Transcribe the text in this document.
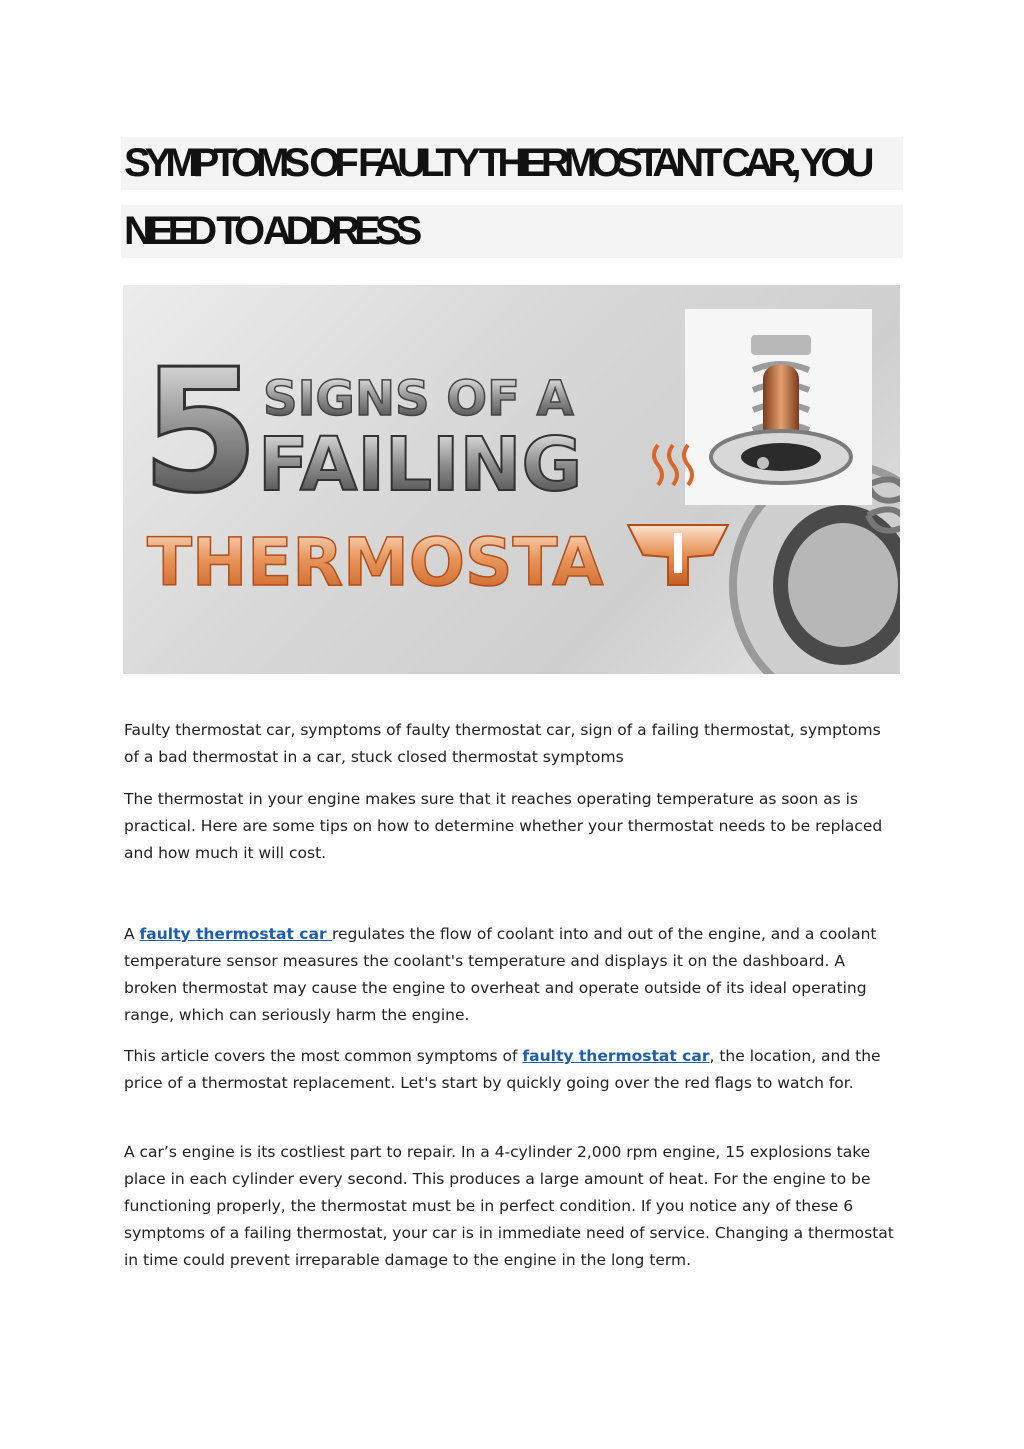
SYMPTOMS OF FAULTY THERMOSTANT CAR, YOU
NEED TO ADDRESS
5 SIGNS OF A
FAILING
THERMOSTA

Faulty thermostat car, symptoms of faulty thermostat car, sign of a failing thermostat, symptoms of a bad thermostat in a car, stuck closed thermostat symptoms

The thermostat in your engine makes sure that it reaches operating temperature as soon as is practical. Here are some tips on how to determine whether your thermostat needs to be replaced and how much it will cost.

A faulty thermostat car regulates the flow of coolant into and out of the engine, and a coolant temperature sensor measures the coolant's temperature and displays it on the dashboard. A broken thermostat may cause the engine to overheat and operate outside of its ideal operating range, which can seriously harm the engine.

This article covers the most common symptoms of faulty thermostat car, the location, and the price of a thermostat replacement. Let's start by quickly going over the red flags to watch for.

A car’s engine is its costliest part to repair. In a 4-cylinder 2,000 rpm engine, 15 explosions take place in each cylinder every second. This produces a large amount of heat. For the engine to be functioning properly, the thermostat must be in perfect condition. If you notice any of these 6 symptoms of a failing thermostat, your car is in immediate need of service. Changing a thermostat in time could prevent irreparable damage to the engine in the long term.
